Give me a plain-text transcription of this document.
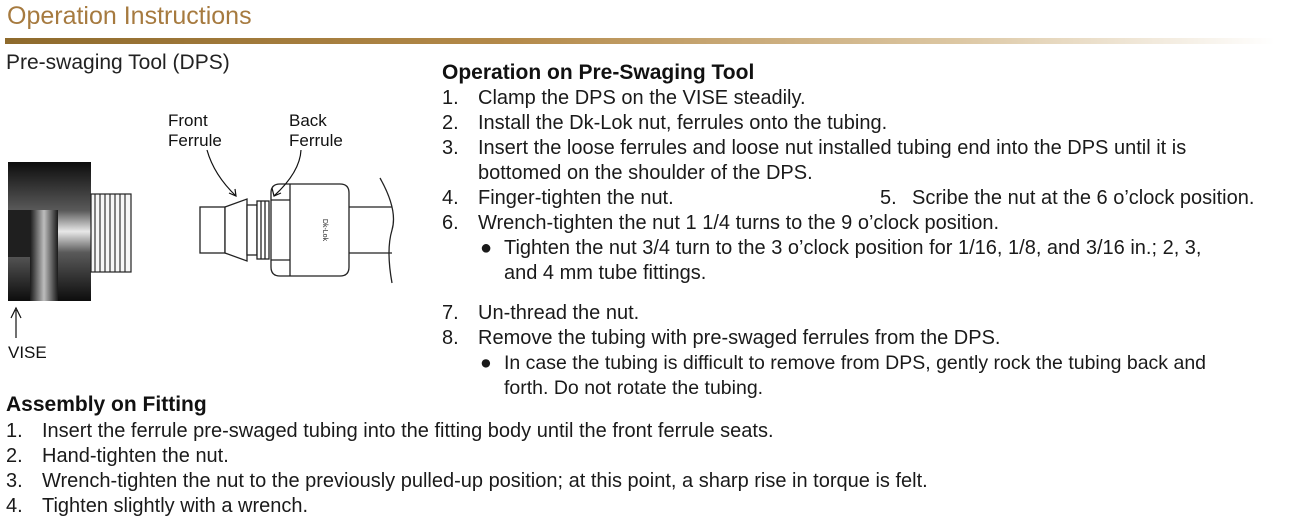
Operation Instructions
Pre-swaging Tool (DPS)
Dk-Lok
Front
Ferrule
Back
Ferrule
VISE
Operation on Pre-Swaging Tool
1. Clamp the DPS on the VISE steadily.
2. Install the Dk-Lok nut, ferrules onto the tubing.
3. Insert the loose ferrules and loose nut installed tubing end into the DPS until it is
bottomed on the shoulder of the DPS.
4. Finger-tighten the nut.	5. Scribe the nut at the 6 o’clock position.
6. Wrench-tighten the nut 1 1/4 turns to the 9 o’clock position.
● Tighten the nut 3/4 turn to the 3 o’clock position for 1/16, 1/8, and 3/16 in.; 2, 3,
and 4 mm tube fittings.
7. Un-thread the nut.
8. Remove the tubing with pre-swaged ferrules from the DPS.
● In case the tubing is difficult to remove from DPS, gently rock the tubing back and
forth. Do not rotate the tubing.
Assembly on Fitting
1. Insert the ferrule pre-swaged tubing into the fitting body until the front ferrule seats.
2. Hand-tighten the nut.
3. Wrench-tighten the nut to the previously pulled-up position; at this point, a sharp rise in torque is felt.
4. Tighten slightly with a wrench.
